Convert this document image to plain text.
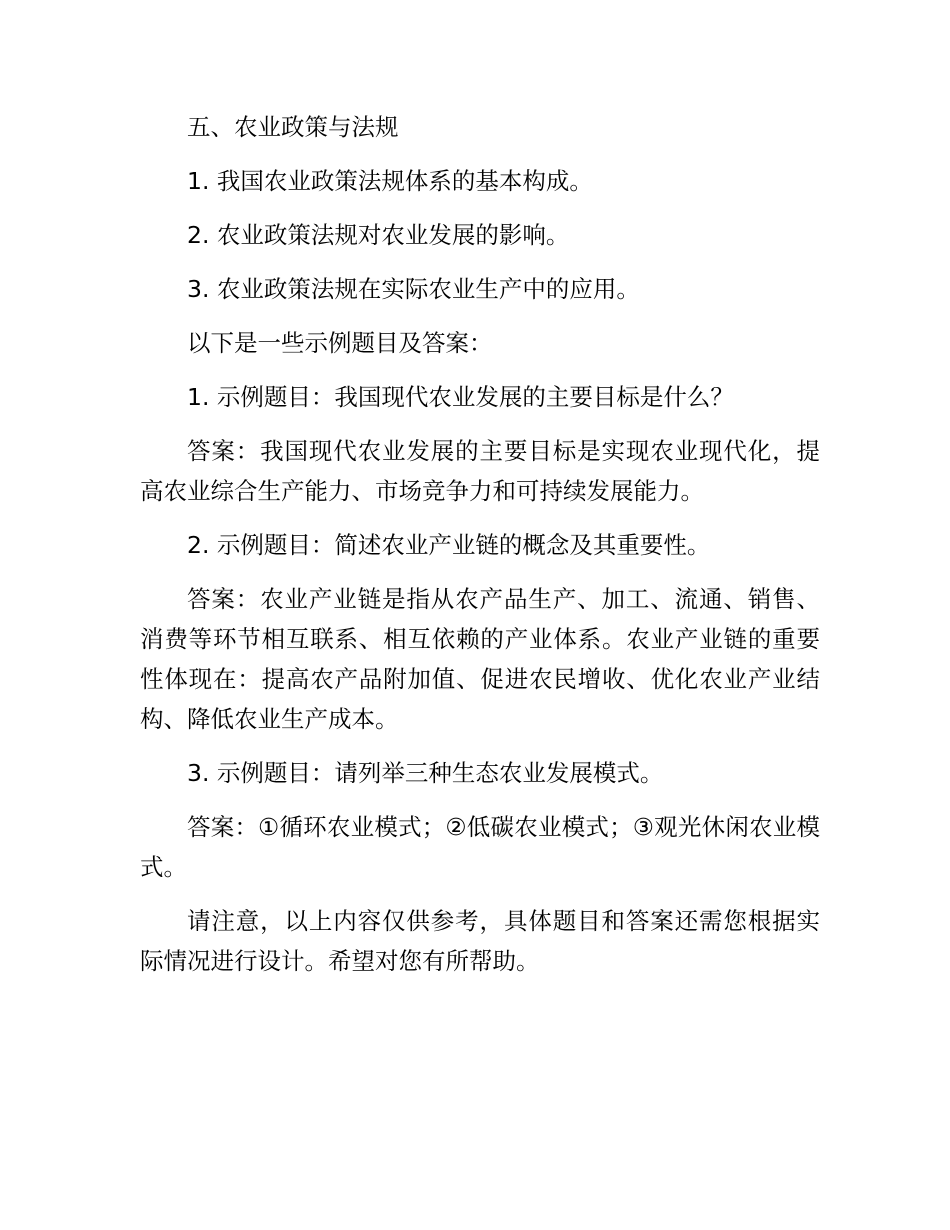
五、农业政策与法规

1. 我国农业政策法规体系的基本构成。

2. 农业政策法规对农业发展的影响。

3. 农业政策法规在实际农业生产中的应用。

以下是一些示例题目及答案：

1. 示例题目：我国现代农业发展的主要目标是什么？

答案：我国现代农业发展的主要目标是实现农业现代化，提高农业综合生产能力、市场竞争力和可持续发展能力。

2. 示例题目：简述农业产业链的概念及其重要性。

答案：农业产业链是指从农产品生产、加工、流通、销售、消费等环节相互联系、相互依赖的产业体系。农业产业链的重要性体现在：提高农产品附加值、促进农民增收、优化农业产业结构、降低农业生产成本。

3. 示例题目：请列举三种生态农业发展模式。

答案：①循环农业模式；②低碳农业模式；③观光休闲农业模式。

请注意，以上内容仅供参考，具体题目和答案还需您根据实际情况进行设计。希望对您有所帮助。
